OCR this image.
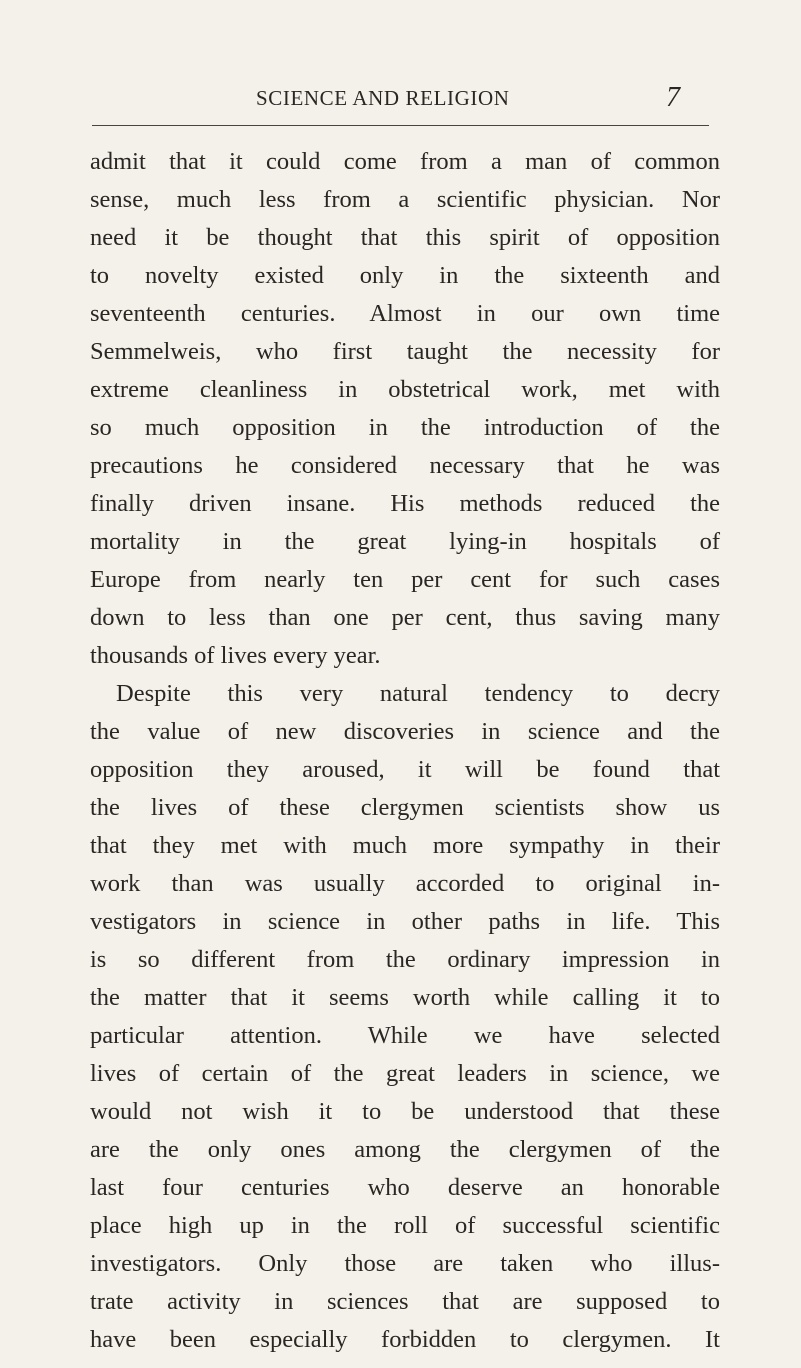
SCIENCE AND RELIGION	7
admit that it could come from a man of common
sense, much less from a scientific physician. Nor
need it be thought that this spirit of opposition
to novelty existed only in the sixteenth and
seventeenth centuries. Almost in our own time
Semmelweis, who first taught the necessity for
extreme cleanliness in obstetrical work, met with
so much opposition in the introduction of the
precautions he considered necessary that he was
finally driven insane. His methods reduced the
mortality in the great lying-in hospitals of
Europe from nearly ten per cent for such cases
down to less than one per cent, thus saving many
thousands of lives every year.
Despite this very natural tendency to decry
the value of new discoveries in science and the
opposition they aroused, it will be found that
the lives of these clergymen scientists show us
that they met with much more sympathy in their
work than was usually accorded to original in-
vestigators in science in other paths in life. This
is so different from the ordinary impression in
the matter that it seems worth while calling it to
particular attention. While we have selected
lives of certain of the great leaders in science, we
would not wish it to be understood that these
are the only ones among the clergymen of the
last four centuries who deserve an honorable
place high up in the roll of successful scientific
investigators. Only those are taken who illus-
trate activity in sciences that are supposed to
have been especially forbidden to clergymen. It
